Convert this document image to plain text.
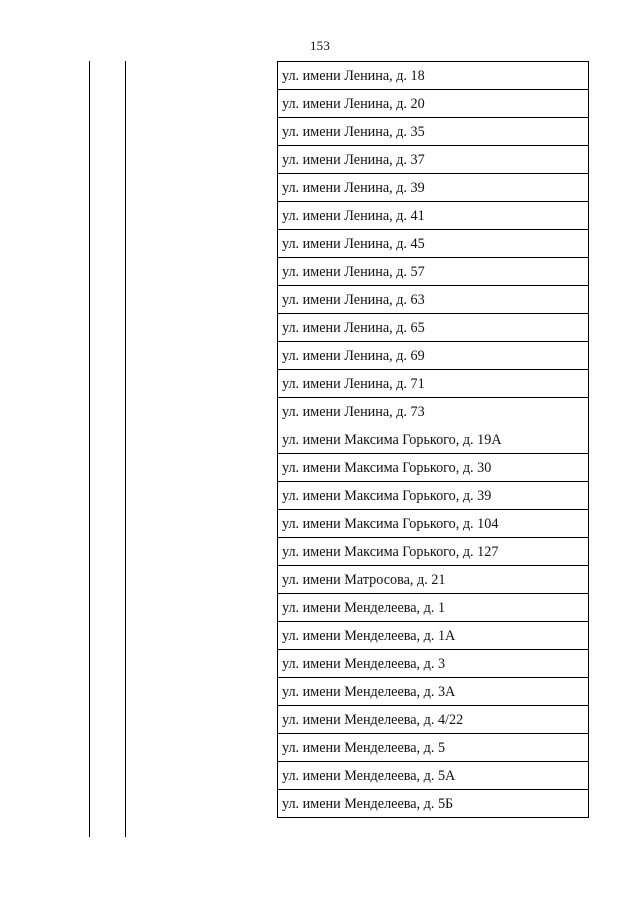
153
ул. имени Ленина, д. 18
ул. имени Ленина, д. 20
ул. имени Ленина, д. 35
ул. имени Ленина, д. 37
ул. имени Ленина, д. 39
ул. имени Ленина, д. 41
ул. имени Ленина, д. 45
ул. имени Ленина, д. 57
ул. имени Ленина, д. 63
ул. имени Ленина, д. 65
ул. имени Ленина, д. 69
ул. имени Ленина, д. 71
ул. имени Ленина, д. 73
ул. имени Максима Горького, д. 19А
ул. имени Максима Горького, д. 30
ул. имени Максима Горького, д. 39
ул. имени Максима Горького, д. 104
ул. имени Максима Горького, д. 127
ул. имени Матросова, д. 21
ул. имени Менделеева, д. 1
ул. имени Менделеева, д. 1А
ул. имени Менделеева, д. 3
ул. имени Менделеева, д. 3А
ул. имени Менделеева, д. 4/22
ул. имени Менделеева, д. 5
ул. имени Менделеева, д. 5А
ул. имени Менделеева, д. 5Б
